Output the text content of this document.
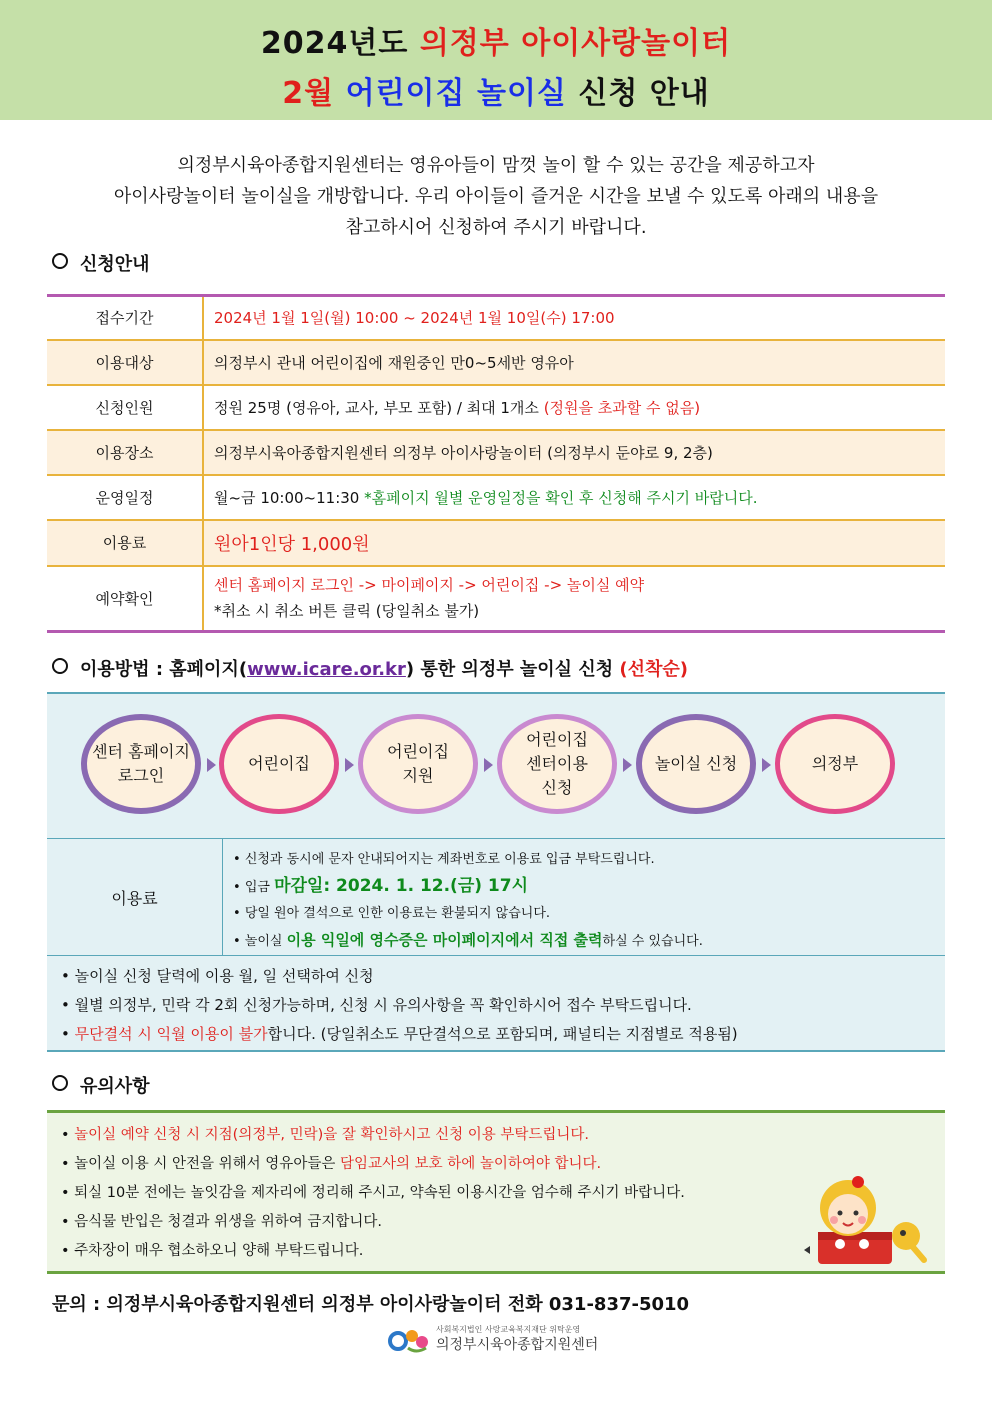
2024년도 의정부 아이사랑놀이터
2월 어린이집 놀이실 신청 안내
의정부시육아종합지원센터는 영유아들이 맘껏 놀이 할 수 있는 공간을 제공하고자
아이사랑놀이터 놀이실을 개방합니다. 우리 아이들이 즐거운 시간을 보낼 수 있도록 아래의 내용을
참고하시어 신청하여 주시기 바랍니다.
신청안내
접수기간	2024년 1월 1일(월) 10:00 ~ 2024년 1월 10일(수) 17:00
이용대상	의정부시 관내 어린이집에 재원중인 만0~5세반 영유아
신청인원	정원 25명 (영유아, 교사, 부모 포함) / 최대 1개소 (정원을 초과할 수 없음)
이용장소	의정부시육아종합지원센터 의정부 아이사랑놀이터 (의정부시 둔야로 9, 2층)
운영일정	월~금 10:00~11:30 *홈페이지 월별 운영일정을 확인 후 신청해 주시기 바랍니다.
이용료	원아1인당 1,000원
예약확인	센터 홈페이지 로그인 -> 마이페이지 -> 어린이집 -> 놀이실 예약
*취소 시 취소 버튼 클릭 (당일취소 불가)
이용방법 : 홈페이지(www.icare.or.kr) 통한 의정부 놀이실 신청 (선착순)
센터 홈페이지
로그인
어린이집
어린이집
지원
어린이집
센터이용
신청
놀이실 신청	의정부
이용료
• 신청과 동시에 문자 안내되어지는 계좌번호로 이용료 입금 부탁드립니다.
• 입금 마감일: 2024. 1. 12.(금) 17시
• 당일 원아 결석으로 인한 이용료는 환불되지 않습니다.
• 놀이실 이용 익일에 영수증은 마이페이지에서 직접 출력하실 수 있습니다.
• 놀이실 신청 달력에 이용 월, 일 선택하여 신청
• 월별 의정부, 민락 각 2회 신청가능하며, 신청 시 유의사항을 꼭 확인하시어 접수 부탁드립니다.
• 무단결석 시 익월 이용이 불가합니다. (당일취소도 무단결석으로 포함되며, 패널티는 지점별로 적용됨)
유의사항
• 놀이실 예약 신청 시 지점(의정부, 민락)을 잘 확인하시고 신청 이용 부탁드립니다.
• 놀이실 이용 시 안전을 위해서 영유아들은 담임교사의 보호 하에 놀이하여야 합니다.
• 퇴실 10분 전에는 놀잇감을 제자리에 정리해 주시고, 약속된 이용시간을 엄수해 주시기 바랍니다.
• 음식물 반입은 청결과 위생을 위하여 금지합니다.
• 주차장이 매우 협소하오니 양해 부탁드립니다.
문의 : 의정부시육아종합지원센터 의정부 아이사랑놀이터 전화 031-837-5010
사회복지법인 사랑교육복지재단 위탁운영
의정부시육아종합지원센터
